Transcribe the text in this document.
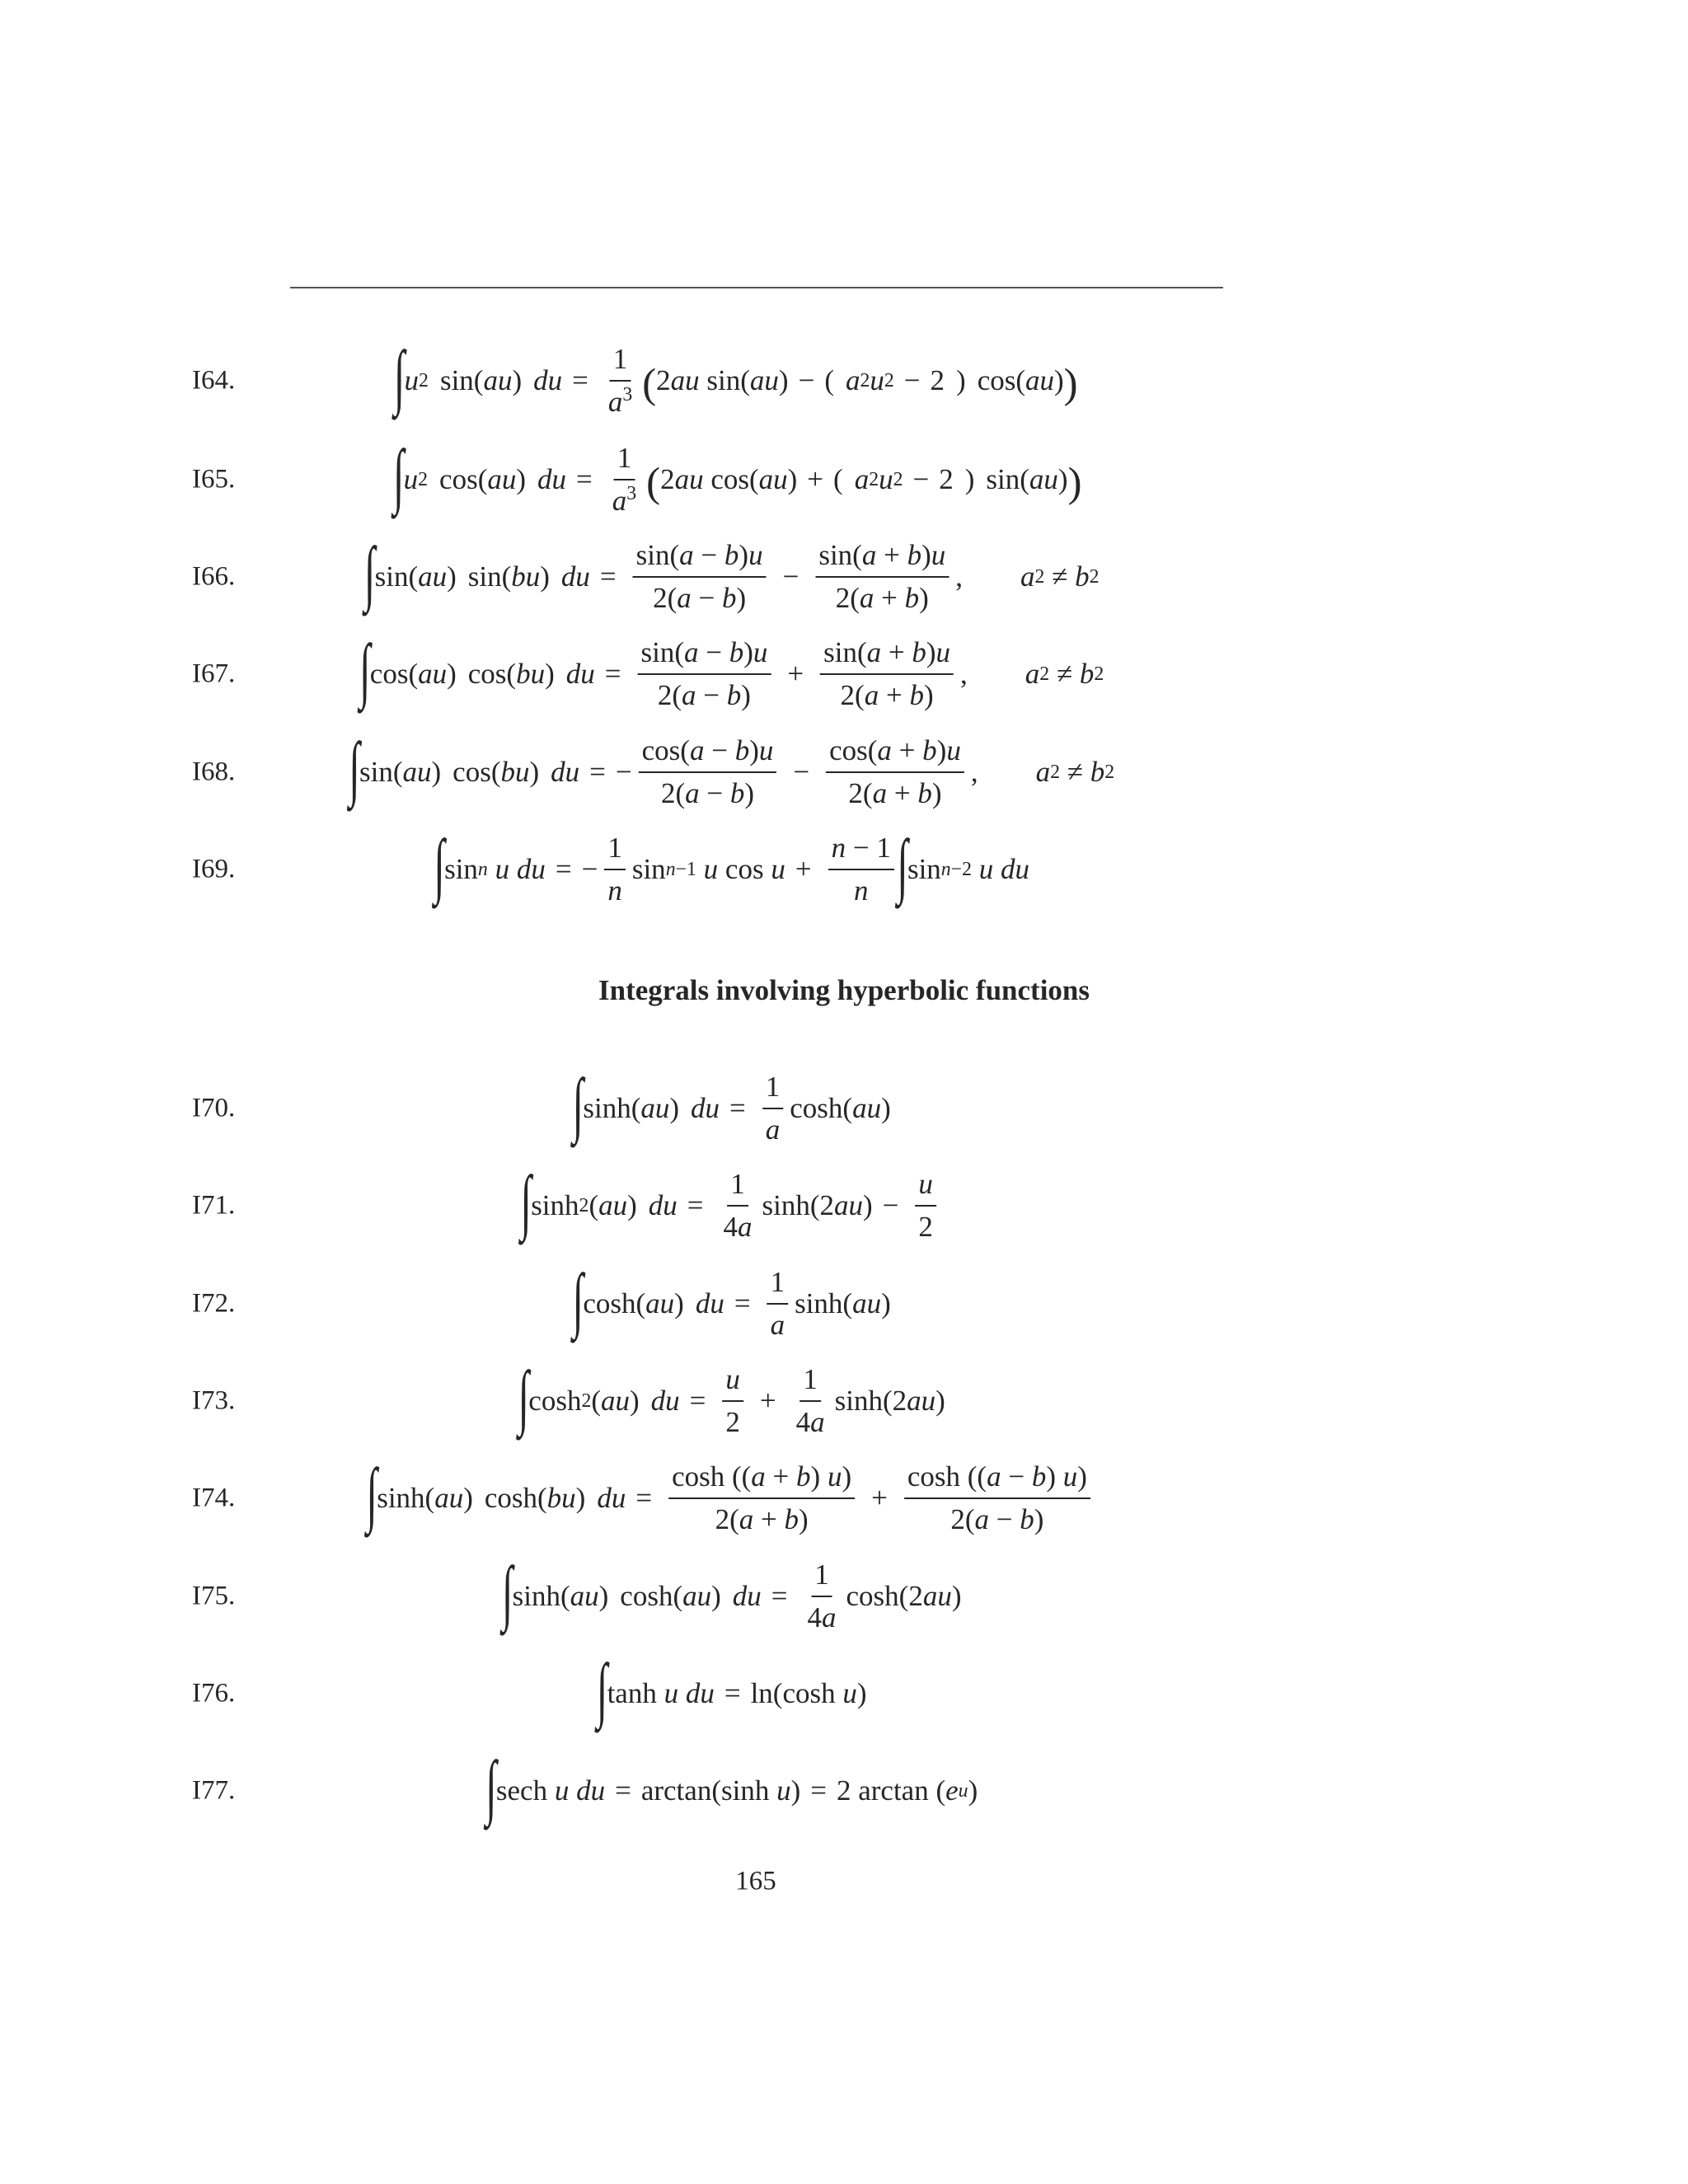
I64. ∫ u 2 sin( au ) du = $\frac{1}{a^3}$ ( 2 au sin( au ) − ( a 2 u 2 − 2 ) cos( au ) )
I65. ∫ u 2 cos( au ) du = $\frac{1}{a^3}$ ( 2 au cos( au ) + ( a 2 u 2 − 2 ) sin( au ) )
I66. ∫ sin( au ) sin( bu ) du = $\frac{\sin(a - b)u}{2(a - b)} - \frac{\sin(a + b)u}{2(a + b)}$ , a 2 ≠ b 2
I67. ∫ cos( au ) cos( bu ) du = $\frac{\sin(a - b)u}{2(a - b)} + \frac{\sin(a + b)u}{2(a + b)}$ , a 2 ≠ b 2
I68. ∫ sin( au ) cos( bu ) du = − $\frac{\cos(a - b)u}{2(a - b)} - \frac{\cos(a + b)u}{2(a + b)}$ , a 2 ≠ b 2
I69.	∫ sin n
u
du = − $\frac{1}{n}$ sin n−1
u $\cos u + \frac{n - 1}{n}$ ∫ sin n−2
u
du
Integrals involving hyperbolic functions
I70.	∫ sinh( au ) du = $\frac{1}{a} \cosh$( au )
I71.	∫ sinh 2 ( au ) du = $\frac{1}{4a} \sinh(2$ au ) − $\frac{u}{2}$
I72.	∫ cosh( au ) du = $\frac{1}{a} \sinh$( au )
I73.	∫ cosh 2 ( au ) du = $\frac{u}{2} + \frac{1}{4a} \sinh(2$ au )
I74. ∫ sinh( au ) cosh( bu ) du = $\frac{\cosh ((a + b) u)}{2(a + b)} + \frac{\cosh ((a - b) u)}{2(a - b)}$
I75.	∫ sinh( au ) cosh( au ) du = $\frac{1}{4a} \cosh(2$ au )
I76.	∫ tanh u
du = ln(cosh u )
I77.	∫ sech u
du = arctan(sinh u ) = 2 arctan ( e u )
165
